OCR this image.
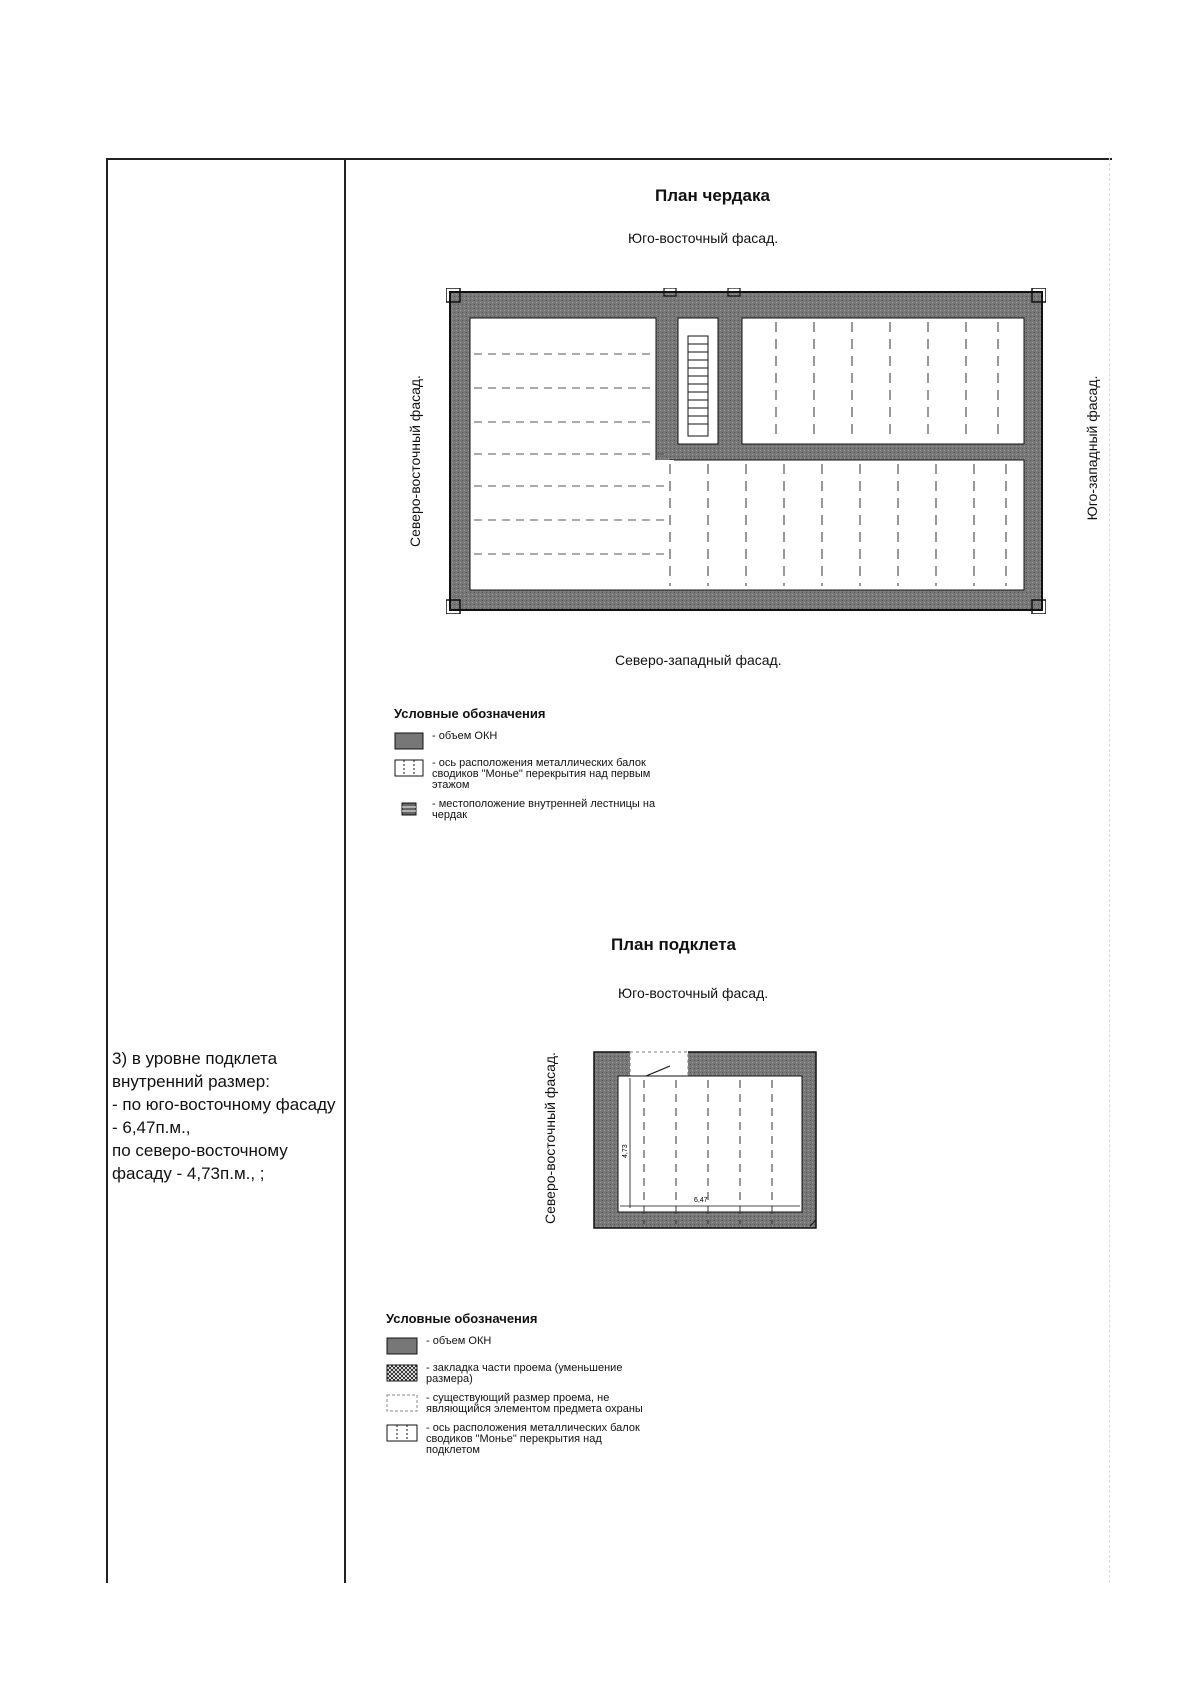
3) в уровне подклета внутренний размер:
- по юго-восточному фасаду - 6,47п.м.,
по северо-восточному фасаду - 4,73п.м., ;

План чердака
Юго-восточный фасад.
Северо-восточный фасад.	Юго-западный фасад.
Северо-западный фасад.
Условные обозначения
- объем ОКН
- ось расположения металлических балок сводиков "Монье" перекрытия над первым этажом
- местоположение внутренней лестницы на чердак
План подклета
Юго-восточный фасад.
Северо-восточный фасад.	4,73
6,47
Условные обозначения
- объем ОКН
- закладка части проема (уменьшение размера)
- существующий размер проема, не являющийся элементом предмета охраны
- ось расположения металлических балок сводиков "Монье" перекрытия над подклетом
